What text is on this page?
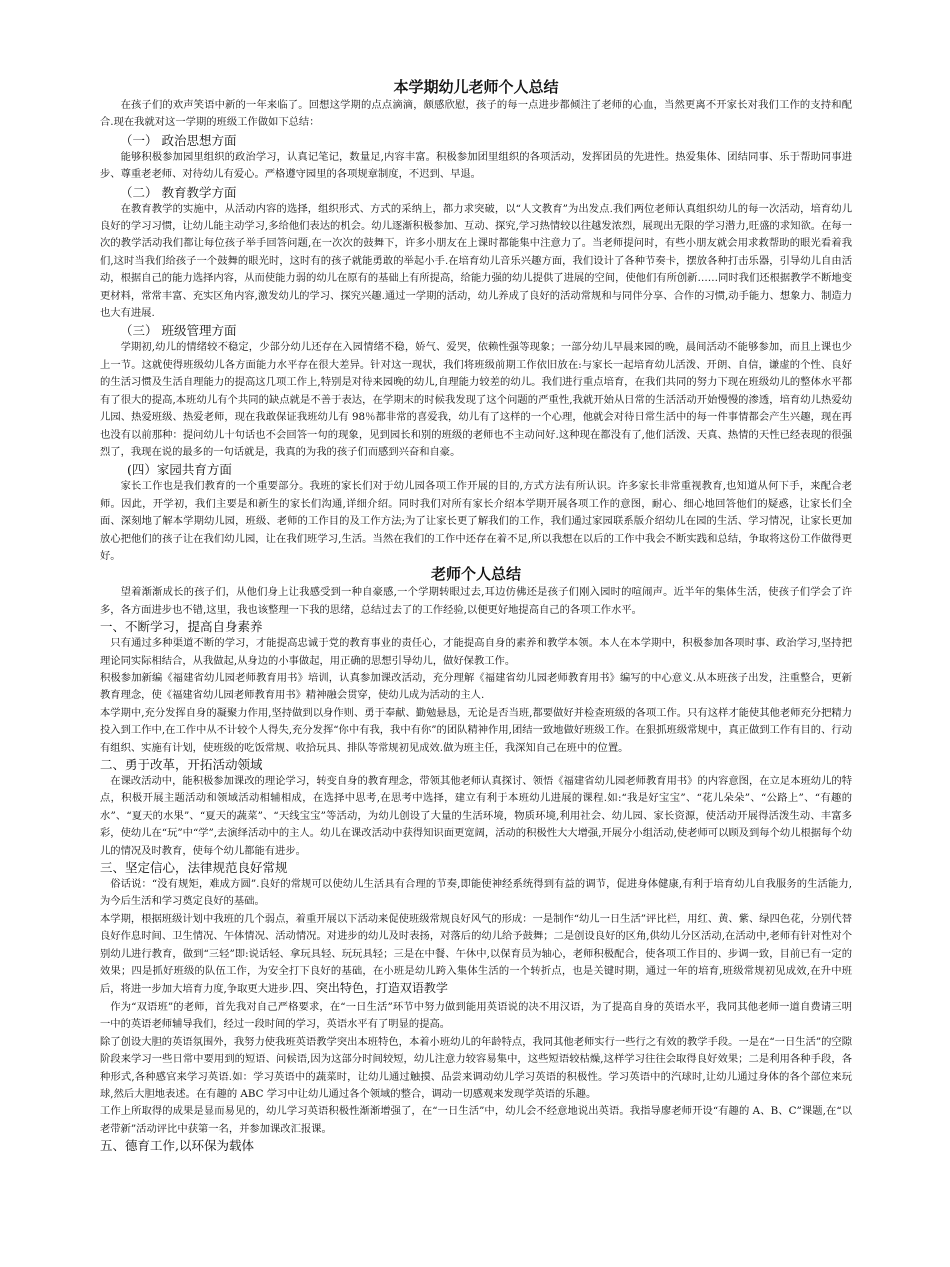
本学期幼儿老师个人总结

在孩子们的欢声笑语中新的一年来临了。回想这学期的点点滴滴，颇感欣慰，孩子的每一点进步都倾注了老师的心血，当然更离不开家长对我们工作的支持和配合.现在我就对这一学期的班级工作做如下总结：

（一） 政治思想方面

能够积极参加园里组织的政治学习，认真记笔记，数量足,内容丰富。积极参加团里组织的各项活动，发挥团员的先进性。热爱集体、团结同事、乐于帮助同事进步、尊重老老师、对待幼儿有爱心。严格遵守园里的各项规章制度，不迟到、早退。

（二） 教育教学方面

在教育教学的实施中，从活动内容的选择，组织形式、方式的采纳上，都力求突破，以“人文教育”为出发点.我们两位老师认真组织幼儿的每一次活动，培育幼儿良好的学习习惯，让幼儿能主动学习,多给他们表达的机会。幼儿逐渐积极参加、互动、探究,学习热情较以往越发浓烈，展现出无限的学习潜力,旺盛的求知欲。在每一次的教学活动我们都让每位孩子举手回答问题,在一次次的鼓舞下，许多小朋友在上课时都能集中注意力了。当老师提问时，有些小朋友就会用求救帮助的眼光看着我们,这时当我们给孩子一个鼓舞的眼光时，这时有的孩子就能勇敢的举起小手.在培育幼儿音乐兴趣方面，我们设计了各种节奏卡，摆放各种打击乐器，引导幼儿自由活动，根据自己的能力选择内容，从而使能力弱的幼儿在原有的基础上有所提高，给能力强的幼儿提供了进展的空间，使他们有所创新……同时我们还根据教学不断地变更材料，常常丰富、充实区角内容,激发幼儿的学习、探究兴趣.通过一学期的活动，幼儿养成了良好的活动常规和与同伴分享、合作的习惯,动手能力、想象力、制造力也大有进展.

（三） 班级管理方面

学期初,幼儿的情绪较不稳定，少部分幼儿还存在入园情绪不稳，娇气、爱哭，依赖性强等现象；一部分幼儿早晨来园的晚，晨间活动不能够参加，而且上课也少上一节。这就使得班级幼儿各方面能力水平存在很大差异。针对这一现状，我们将班级前期工作依旧放在:与家长一起培育幼儿活泼、开朗、自信，谦虚的个性、良好的生活习惯及生活自理能力的提高这几项工作上,特别是对待来园晚的幼儿,自理能力较差的幼儿。我们进行重点培育，在我们共同的努力下现在班级幼儿的整体水平都有了很大的提高,本班幼儿有个共同的缺点就是不善于表达，在学期末的时候我发现了这个问题的严重性,我就开始从日常的生活活动开始慢慢的渗透，培育幼儿热爱幼儿园、热爱班级、热爱老师，现在我敢保证我班幼儿有 98％都非常的喜爱我，幼儿有了这样的一个心理，他就会对待日常生活中的每一件事情都会产生兴趣，现在再也没有以前那种：提问幼儿十句话也不会回答一句的现象，见到园长和别的班级的老师也不主动问好.这种现在都没有了,他们活泼、天真、热情的天性已经表现的很强烈了，我现在说的最多的一句话就是，我真的为我的孩子们而感到兴奋和自豪。

(四）家园共育方面

家长工作也是我们教育的一个重要部分。我班的家长们对于幼儿园各项工作开展的目的,方式方法有所认识。许多家长非常重视教育,也知道从何下手，来配合老师。因此，开学初，我们主要是和新生的家长们沟通,详细介绍。同时我们对所有家长介绍本学期开展各项工作的意图，耐心、细心地回答他们的疑惑，让家长们全面、深刻地了解本学期幼儿园，班级、老师的工作目的及工作方法;为了让家长更了解我们的工作，我们通过家园联系版介绍幼儿在园的生活、学习情况，让家长更加放心把他们的孩子让在我们幼儿园，让在我们班学习,生活。当然在我们的工作中还存在着不足,所以我想在以后的工作中我会不断实践和总结，争取将这份工作做得更好。

老师个人总结

望着渐渐成长的孩子们，从他们身上让我感受到一种自豪感,一个学期转眼过去,耳边仿佛还是孩子们刚入园时的喧闹声。近半年的集体生活，使孩子们学会了许多，各方面进步也不错,这里，我也该整理一下我的思绪，总结过去了的工作经验,以便更好地提高自己的各项工作水平。

一、不断学习，提高自身素养

只有通过多种渠道不断的学习，才能提高忠诚于党的教育事业的责任心，才能提高自身的素养和教学本领。本人在本学期中，积极参加各项时事、政治学习,坚持把理论同实际相结合，从我做起,从身边的小事做起，用正确的思想引导幼儿，做好保教工作。

积极参加新编《福建省幼儿园老师教育用书》培训，认真参加课改活动，充分理解《福建省幼儿园老师教育用书》编写的中心意义.从本班孩子出发，注重整合，更新教育理念，使《福建省幼儿园老师教育用书》精神融会贯穿，使幼儿成为活动的主人.

本学期中,充分发挥自身的凝聚力作用,坚持做到以身作则、勇于奉献、勤勉悬恳，无论是否当班,都要做好并检查班级的各项工作。只有这样才能使其他老师充分把精力投入到工作中,在工作中从不计较个人得失,充分发挥“你中有我，我中有你”的团队精神作用,团结一致地做好班级工作。在狠抓班级常规中，真正做到工作有目的、行动有组织、实施有计划，使班级的吃饭常规、收拾玩具、排队等常规初见成效.做为班主任，我深知自己在班中的位置。

二、勇于改革，开拓活动领域

在课改活动中，能积极参加课改的理论学习，转变自身的教育理念，带领其他老师认真探讨、领悟《福建省幼儿园老师教育用书》的内容意图，在立足本班幼儿的特点，积极开展主题活动和领域活动相辅相成，在选择中思考,在思考中选择，建立有利于本班幼儿进展的课程.如:“我是好宝宝”、“花儿朵朵”、“公路上”、“有趣的水”、“夏天的水果”、“夏天的蔬菜”、“天线宝宝”等活动，为幼儿创设了大量的生活环境，物质环境,利用社会、幼儿园、家长资源，使活动开展得活泼生动、丰富多彩，使幼儿在“玩”中“学”,去演绎活动中的主人。幼儿在课改活动中获得知识面更宽阔，活动的积极性大大增强,开展分小组活动,使老师可以顾及到每个幼儿根据每个幼儿的情况及时教育，使每个幼儿都能有进步。

三、坚定信心，法律规范良好常规

俗话说：“没有规矩，难成方圆”.良好的常规可以使幼儿生活具有合理的节奏,即能使神经系统得到有益的调节，促进身体健康,有利于培育幼儿自我服务的生活能力,为今后生活和学习奠定良好的基础。

本学期，根据班级计划中我班的几个弱点，着重开展以下活动来促使班级常规良好风气的形成：一是制作“幼儿一日生活”评比栏，用红、黄、紫、绿四色花，分别代替良好作息时间、卫生情况、午体情况、活动情况。对进步的幼儿及时表扬，对落后的幼儿给予鼓舞；二是创设良好的区角,供幼儿分区活动,在活动中,老师有针对性对个别幼儿进行教育，做到“三轻”即:说话轻、拿玩具轻、玩玩具轻；三是在中餐、午休中,以保育员为轴心，老师积极配合，使各项工作目的、步调一致，目前已有一定的效果；四是抓好班级的队伍工作，为安全打下良好的基础，在小班是幼儿跨入集体生活的一个转折点，也是关键时期，通过一年的培育,班级常规初见成效,在升中班后，将进一步加大培育力度,争取更大进步.四、突出特色，打造双语教学

作为“双语班”的老师，首先我对自己严格要求，在“一日生活”环节中努力做到能用英语说的决不用汉语，为了提高自身的英语水平，我同其他老师一道自费请三明一中的英语老师辅导我们，经过一段时间的学习，英语水平有了明显的提高。

除了创设大胆的英语氛围外，我努力使我班英语教学突出本班特色，本着小班幼儿的年龄特点，我同其他老师实行一些行之有效的教学手段。一是在“一日生活”的空隙阶段来学习一些日常中要用到的短语、问候语,因为这部分时间较短，幼儿注意力较容易集中，这些短语较枯燥,这样学习往往会取得良好效果；二是利用各种手段，各种形式,各种感官来学习英语.如：学习英语中的蔬菜时，让幼儿通过触摸、品尝来调动幼儿学习英语的积极性。学习英语中的汽球时,让幼儿通过身体的各个部位来玩球,然后大胆地表述。在有趣的 ABC 学习中让幼儿通过各个领域的整合，调动一切感观来发现学英语的乐趣。

工作上所取得的成果是显而易见的，幼儿学习英语积极性渐渐增强了，在“一日生活”中，幼儿会不经意地说出英语。我指导廖老师开设“有趣的 A、B、C”课题,在“以老带新”活动评比中获第一名，并参加课改汇报课。

五、德育工作,以环保为载体
